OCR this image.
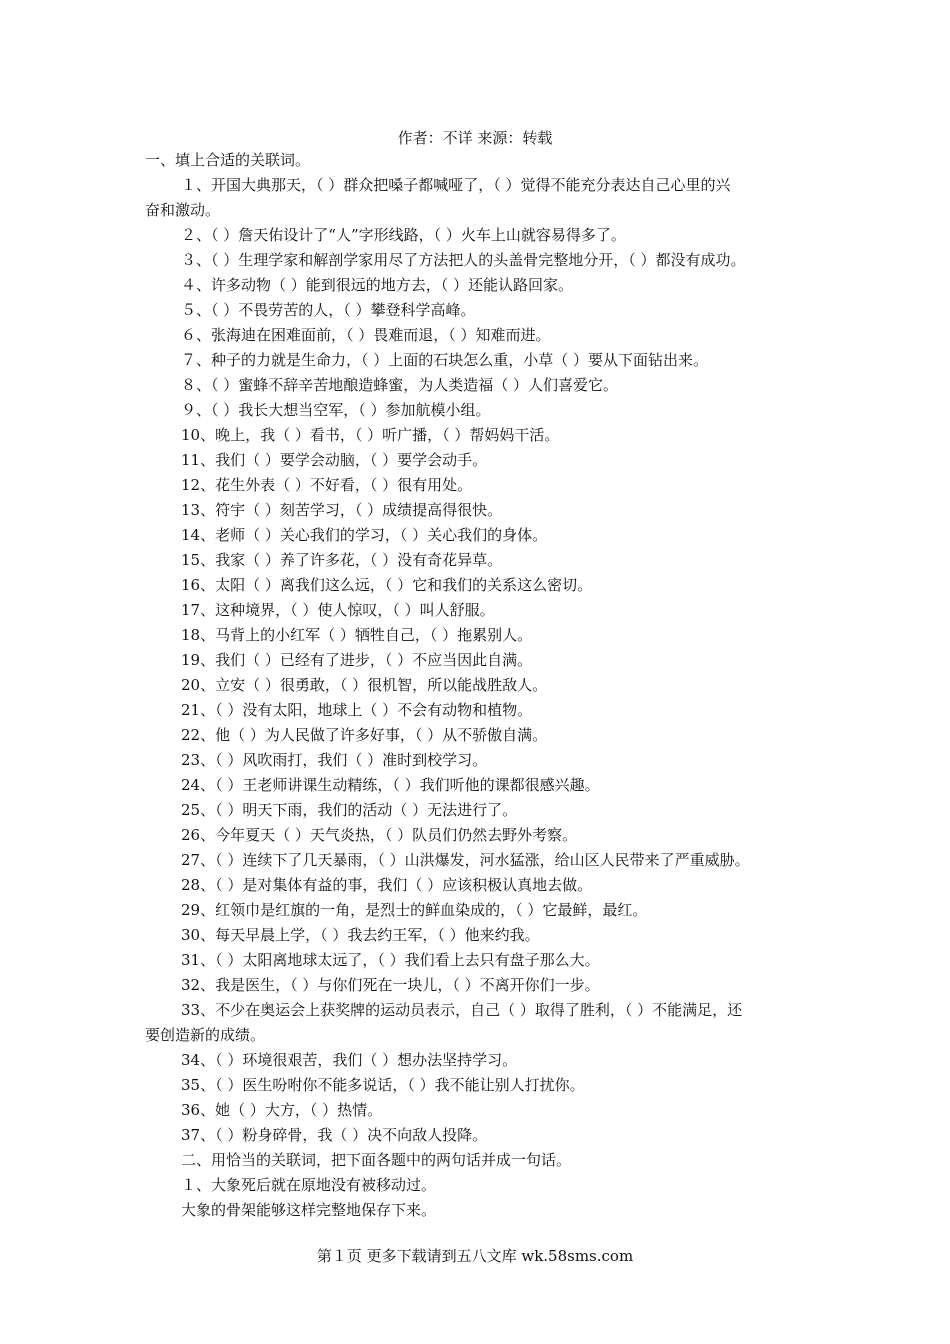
作者：不详 来源：转载
一、填上合适的关联词。
１、开国大典那天，（ ）群众把嗓子都喊哑了，（ ）觉得不能充分表达自己心里的兴
奋和激动。
２、（ ）詹天佑设计了“人”字形线路，（ ）火车上山就容易得多了。
３、（ ）生理学家和解剖学家用尽了方法把人的头盖骨完整地分开，（ ）都没有成功。
４、许多动物（ ）能到很远的地方去，（ ）还能认路回家。
５、（ ）不畏劳苦的人，（ ）攀登科学高峰。
６、张海迪在困难面前，（ ）畏难而退，（ ）知难而进。
７、种子的力就是生命力，（ ）上面的石块怎么重，小草（ ）要从下面钻出来。
８、（ ）蜜蜂不辞辛苦地酿造蜂蜜，为人类造福（ ）人们喜爱它。
９、（ ）我长大想当空军，（ ）参加航模小组。
10、晚上，我（ ）看书，（ ）听广播，（ ）帮妈妈干活。
11、我们（ ）要学会动脑，（ ）要学会动手。
12、花生外表（ ）不好看，（ ）很有用处。
13、符宇（ ）刻苦学习，（ ）成绩提高得很快。
14、老师（ ）关心我们的学习，（ ）关心我们的身体。
15、我家（ ）养了许多花，（ ）没有奇花异草。
16、太阳（ ）离我们这么远，（ ）它和我们的关系这么密切。
17、这种境界，（ ）使人惊叹，（ ）叫人舒服。
18、马背上的小红军（ ）牺牲自己，（ ）拖累别人。
19、我们（ ）已经有了进步，（ ）不应当因此自满。
20、立安（ ）很勇敢，（ ）很机智，所以能战胜敌人。
21、（ ）没有太阳，地球上（ ）不会有动物和植物。
22、他（ ）为人民做了许多好事，（ ）从不骄傲自满。
23、（ ）风吹雨打，我们（ ）准时到校学习。
24、（ ）王老师讲课生动精练，（ ）我们听他的课都很感兴趣。
25、（ ）明天下雨，我们的活动（ ）无法进行了。
26、今年夏天（ ）天气炎热，（ ）队员们仍然去野外考察。
27、（ ）连续下了几天暴雨，（ ）山洪爆发，河水猛涨，给山区人民带来了严重威胁。
28、（ ）是对集体有益的事，我们（ ）应该积极认真地去做。
29、红领巾是红旗的一角，是烈士的鲜血染成的，（ ）它最鲜，最红。
30、每天早晨上学，（ ）我去约王军，（ ）他来约我。
31、（ ）太阳离地球太远了，（ ）我们看上去只有盘子那么大。
32、我是医生，（ ）与你们死在一块儿，（ ）不离开你们一步。
33、不少在奥运会上获奖牌的运动员表示，自己（ ）取得了胜利，（ ）不能满足，还
要创造新的成绩。
34、（ ）环境很艰苦，我们（ ）想办法坚持学习。
35、（ ）医生吩咐你不能多说话，（ ）我不能让别人打扰你。
36、她（ ）大方，（ ）热情。
37、（ ）粉身碎骨，我（ ）决不向敌人投降。
二、用恰当的关联词，把下面各题中的两句话并成一句话。
１、大象死后就在原地没有被移动过。
大象的骨架能够这样完整地保存下来。
第１页 更多下载请到五八文库 wk.58sms.com
